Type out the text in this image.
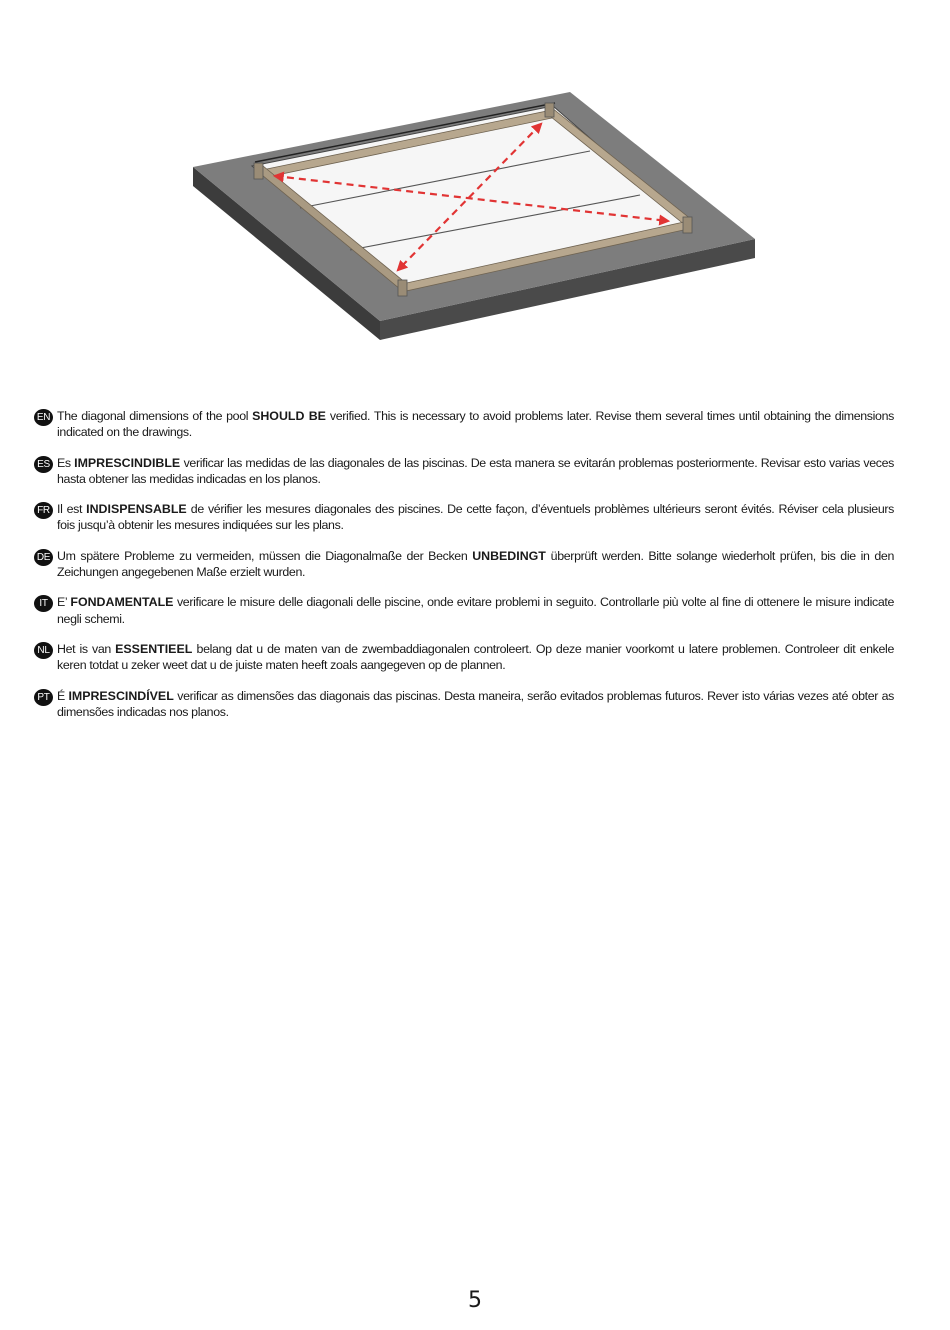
EN The diagonal dimensions of the pool SHOULD BE verified. This is necessary to avoid problems later. Revise them several times until obtaining the dimensions indicated on the drawings.
ES Es IMPRESCINDIBLE verificar las medidas de las diagonales de las piscinas. De esta manera se evitarán problemas posteriormente. Revisar esto varias veces hasta obtener las medidas indicadas en los planos.
FR Il est INDISPENSABLE de vérifier les mesures diagonales des piscines. De cette façon, d’éventuels problèmes ultérieurs seront évités. Réviser cela plusieurs fois jusqu’à obtenir les mesures indiquées sur les plans.
DE Um spätere Probleme zu vermeiden, müssen die Diagonalmaße der Becken UNBEDINGT überprüft werden. Bitte solange wiederholt prüfen, bis die in den Zeichungen angegebenen Maße erzielt wurden.
IT E’ FONDAMENTALE verificare le misure delle diagonali delle piscine, onde evitare problemi in seguito. Controllarle più volte al fine di ottenere le misure indicate negli schemi.
NL Het is van ESSENTIEEL belang dat u de maten van de zwembaddiagonalen controleert. Op deze manier voorkomt u latere problemen. Controleer dit enkele keren totdat u zeker weet dat u de juiste maten heeft zoals aangegeven op de plannen.
PT É IMPRESCINDÍVEL verificar as dimensões das diagonais das piscinas. Desta maneira, serão evitados problemas futuros. Rever isto várias vezes até obter as dimensões indicadas nos planos.
5
